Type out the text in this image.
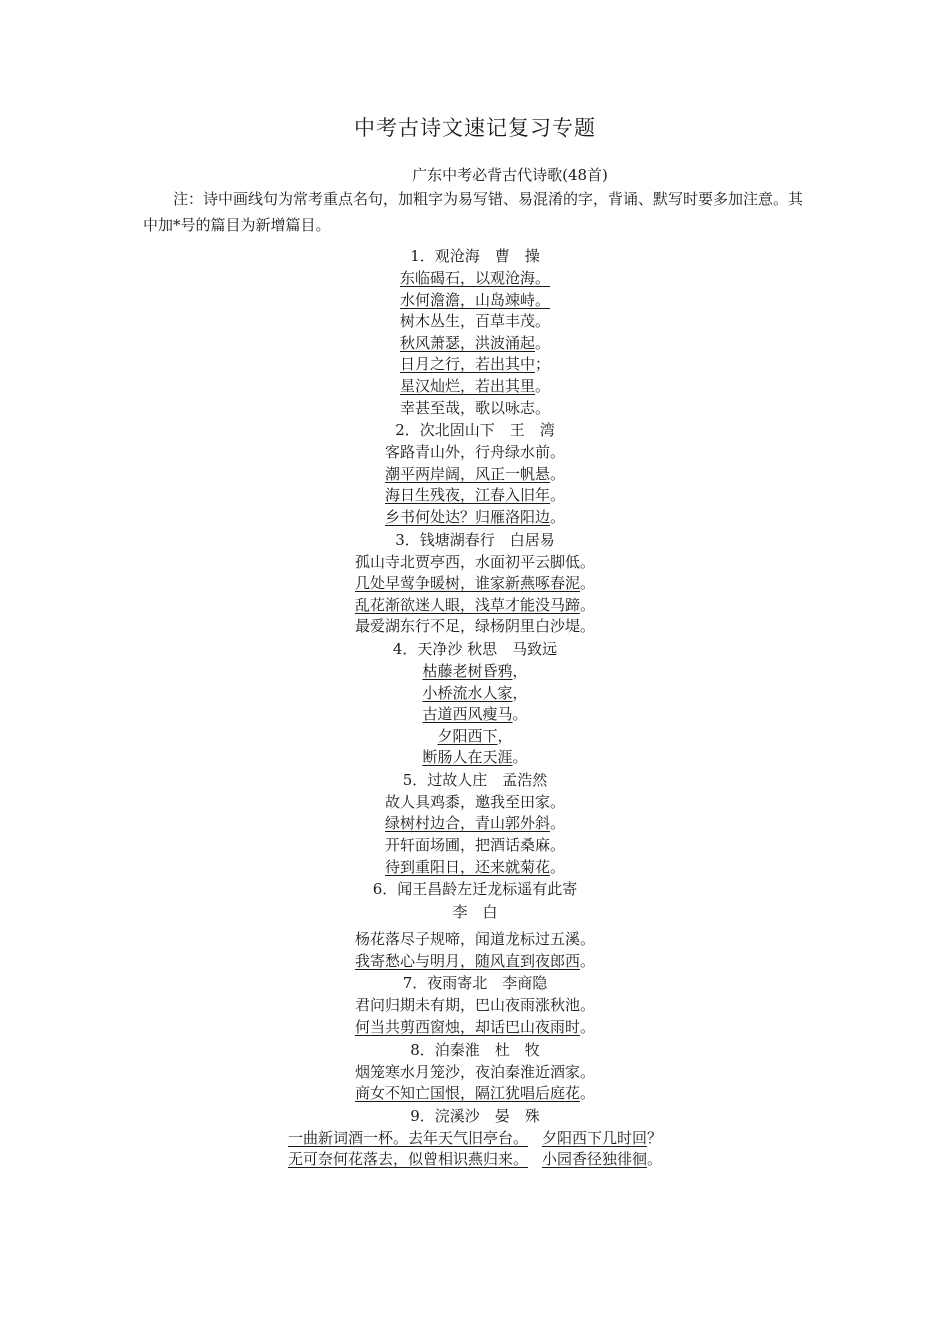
中考古诗文速记复习专题
广东中考必背古代诗歌(48首)
注：诗中画线句为常考重点名句，加粗字为易写错、易混淆的字，背诵、默写时要多加注意。其中加*号的篇目为新增篇目。
1．观沧海　曹　操
东临碣石，以观沧海。
水何澹澹，山岛竦峙。
树木丛生，百草丰茂。
秋风萧瑟，洪波涌起。
日月之行，若出其中；
星汉灿烂，若出其里。
幸甚至哉，歌以咏志。
2．次北固山下　王　湾
客路青山外，行舟绿水前。
潮平两岸阔，风正一帆悬。
海日生残夜，江春入旧年。
乡书何处达？归雁洛阳边。
3．钱塘湖春行　白居易
孤山寺北贾亭西，水面初平云脚低。
几处早莺争暖树，谁家新燕啄春泥。
乱花渐欲迷人眼，浅草才能没马蹄。
最爱湖东行不足，绿杨阴里白沙堤。
4．天净沙 秋思　马致远
枯藤老树昏鸦，
小桥流水人家，
古道西风瘦马。
夕阳西下，
断肠人在天涯。
5．过故人庄　孟浩然
故人具鸡黍，邀我至田家。
绿树村边合，青山郭外斜。
开轩面场圃，把酒话桑麻。
待到重阳日，还来就菊花。
6．闻王昌龄左迁龙标遥有此寄
李　白
杨花落尽子规啼，闻道龙标过五溪。
我寄愁心与明月，随风直到夜郎西。
7．夜雨寄北　李商隐
君问归期未有期，巴山夜雨涨秋池。
何当共剪西窗烛，却话巴山夜雨时。
8．泊秦淮　杜　牧
烟笼寒水月笼沙，夜泊秦淮近酒家。
商女不知亡国恨，隔江犹唱后庭花。
9．浣溪沙　晏　殊
一曲新词酒一杯。去年天气旧亭台。 夕阳西下几时回？
无可奈何花落去，似曾相识燕归来。 小园香径独徘徊。
